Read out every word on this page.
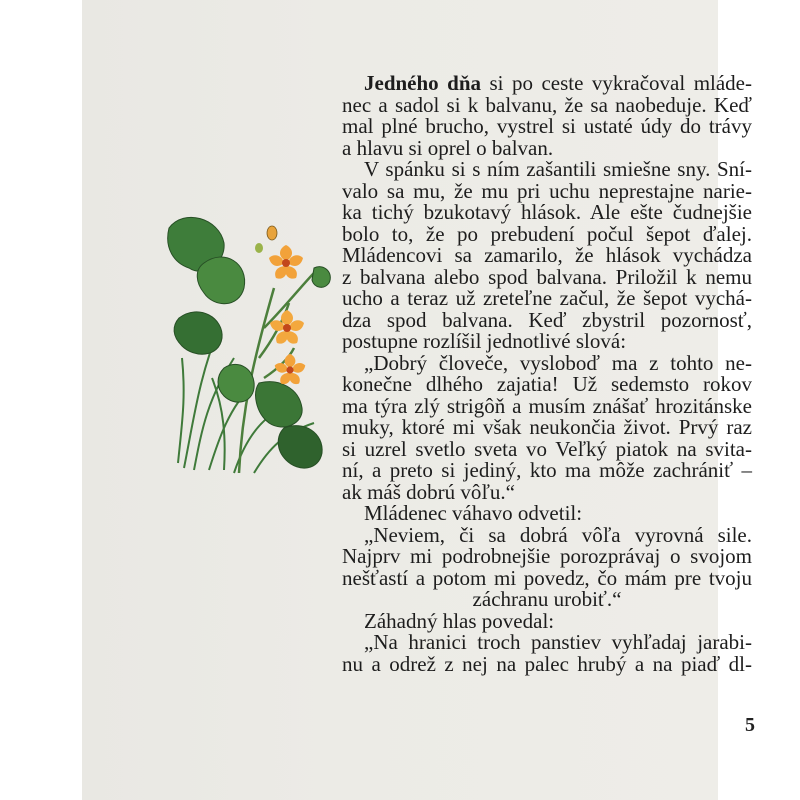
Jedného dňa si po ceste vykračoval mláde-
nec a sadol si k balvanu, že sa naobeduje. Keď
mal plné brucho, vystrel si ustaté údy do trávy
a hlavu si oprel o balvan.
V spánku si s ním zašantili smiešne sny. Sní-
valo sa mu, že mu pri uchu neprestajne narie-
ka tichý bzukotavý hlások. Ale ešte čudnejšie
bolo to, že po prebudení počul šepot ďalej.
Mládencovi sa zamarilo, že hlások vychádza
z balvana alebo spod balvana. Priložil k nemu
ucho a teraz už zreteľne začul, že šepot vychá-
dza spod balvana. Keď zbystril pozornosť,
postupne rozlíšil jednotlivé slová:
„Dobrý človeče, vysloboď ma z tohto ne-
konečne dlhého zajatia! Už sedemsto rokov
ma týra zlý strigôň a musím znášať hrozitánske
muky, ktoré mi však neukončia život. Prvý raz
si uzrel svetlo sveta vo Veľký piatok na svita-
ní, a preto si jediný, kto ma môže zachrániť –
ak máš dobrú vôľu.“
Mládenec váhavo odvetil:
„Neviem, či sa dobrá vôľa vyrovná sile.
Najprv mi podrobnejšie porozprávaj o svojom
nešťastí a potom mi povedz, čo mám pre tvoju
záchranu urobiť.“
Záhadný hlas povedal:
„Na hranici troch panstiev vyhľadaj jarabi-
nu a odrež z nej na palec hrubý a na piaď dl-
5
